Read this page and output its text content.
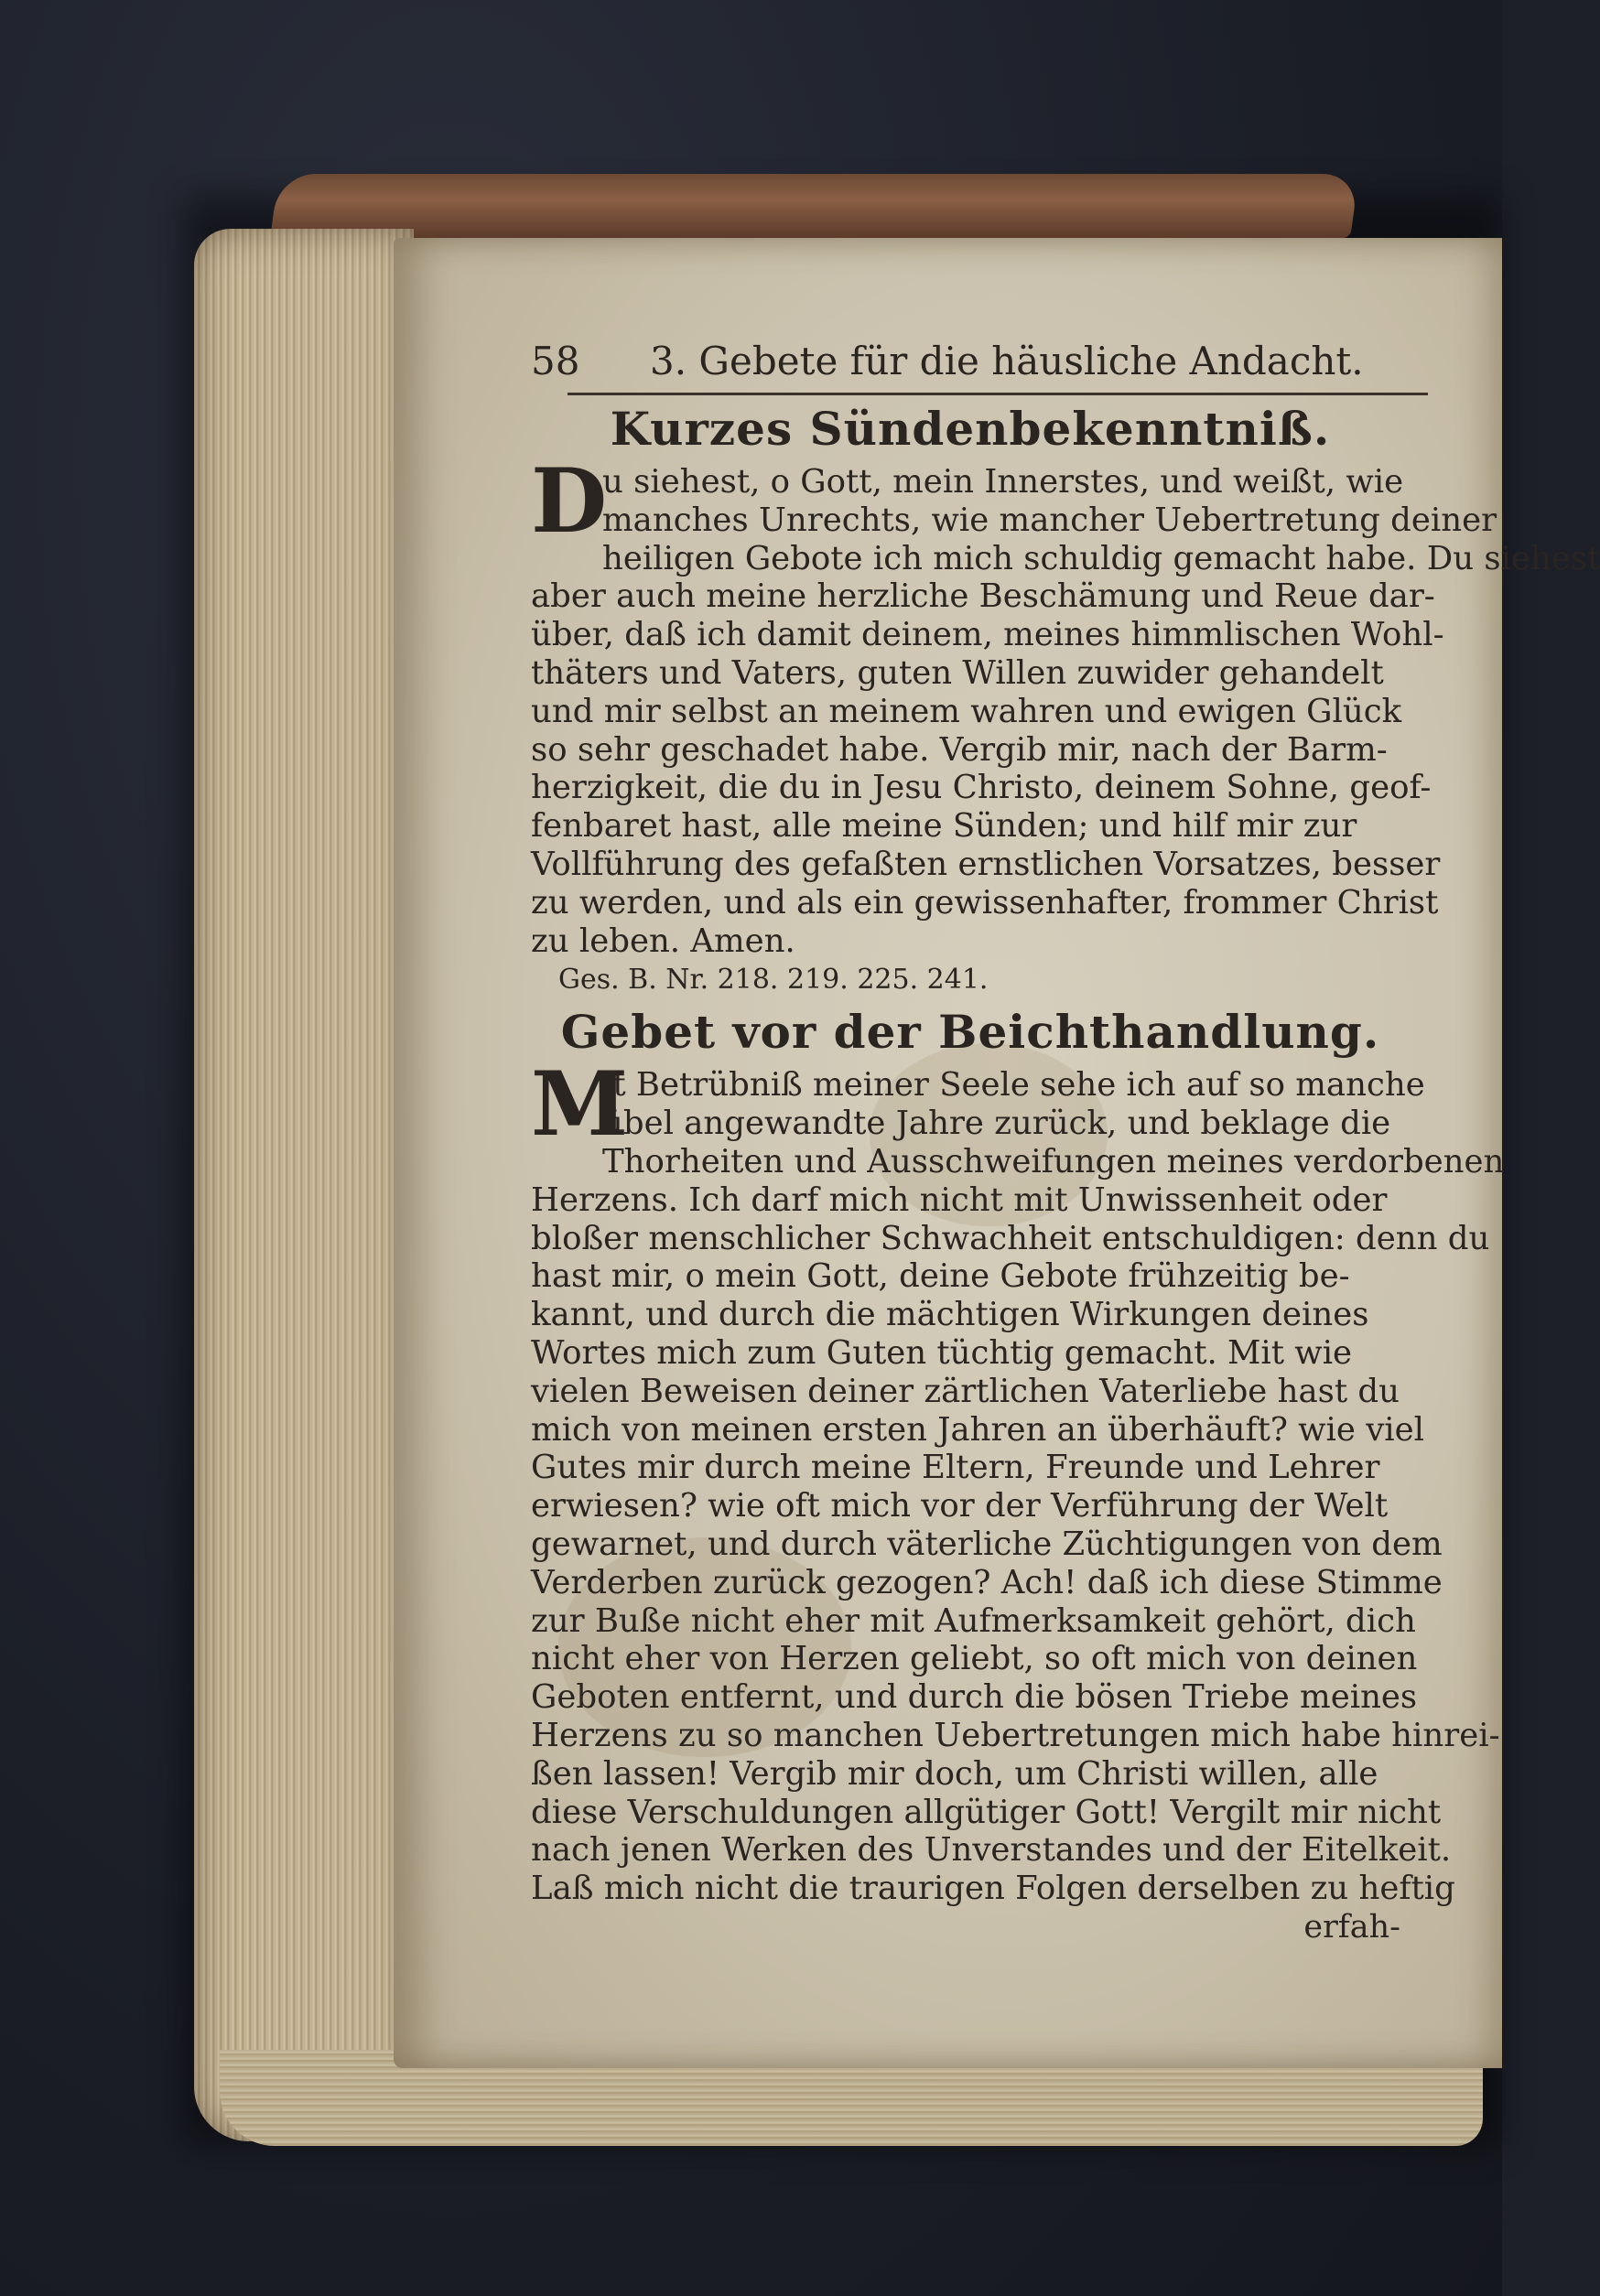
58	3. Gebete für die häusliche Andacht.
Kurzes Sündenbekenntniß.
D
u siehest, o Gott, mein Innerstes, und weißt, wie
manches Unrechts, wie mancher Uebertretung deiner
heiligen Gebote ich mich schuldig gemacht habe. Du siehest
aber auch meine herzliche Beschämung und Reue dar-
über, daß ich damit deinem, meines himmlischen Wohl-
thäters und Vaters, guten Willen zuwider gehandelt
und mir selbst an meinem wahren und ewigen Glück
so sehr geschadet habe. Vergib mir, nach der Barm-
herzigkeit, die du in Jesu Christo, deinem Sohne, geof-
fenbaret hast, alle meine Sünden; und hilf mir zur
Vollführung des gefaßten ernstlichen Vorsatzes, besser
zu werden, und als ein gewissenhafter, frommer Christ
zu leben. Amen.
Ges. B. Nr. 218. 219. 225. 241.
Gebet vor der Beichthandlung.
M
it Betrübniß meiner Seele sehe ich auf so manche
übel angewandte Jahre zurück, und beklage die
Thorheiten und Ausschweifungen meines verdorbenen
Herzens. Ich darf mich nicht mit Unwissenheit oder
bloßer menschlicher Schwachheit entschuldigen: denn du
hast mir, o mein Gott, deine Gebote frühzeitig be-
kannt, und durch die mächtigen Wirkungen deines
Wortes mich zum Guten tüchtig gemacht. Mit wie
vielen Beweisen deiner zärtlichen Vaterliebe hast du
mich von meinen ersten Jahren an überhäuft? wie viel
Gutes mir durch meine Eltern, Freunde und Lehrer
erwiesen? wie oft mich vor der Verführung der Welt
gewarnet, und durch väterliche Züchtigungen von dem
Verderben zurück gezogen? Ach! daß ich diese Stimme
zur Buße nicht eher mit Aufmerksamkeit gehört, dich
nicht eher von Herzen geliebt, so oft mich von deinen
Geboten entfernt, und durch die bösen Triebe meines
Herzens zu so manchen Uebertretungen mich habe hinrei-
ßen lassen! Vergib mir doch, um Christi willen, alle
diese Verschuldungen allgütiger Gott! Vergilt mir nicht
nach jenen Werken des Unverstandes und der Eitelkeit.
Laß mich nicht die traurigen Folgen derselben zu heftig
erfah-
